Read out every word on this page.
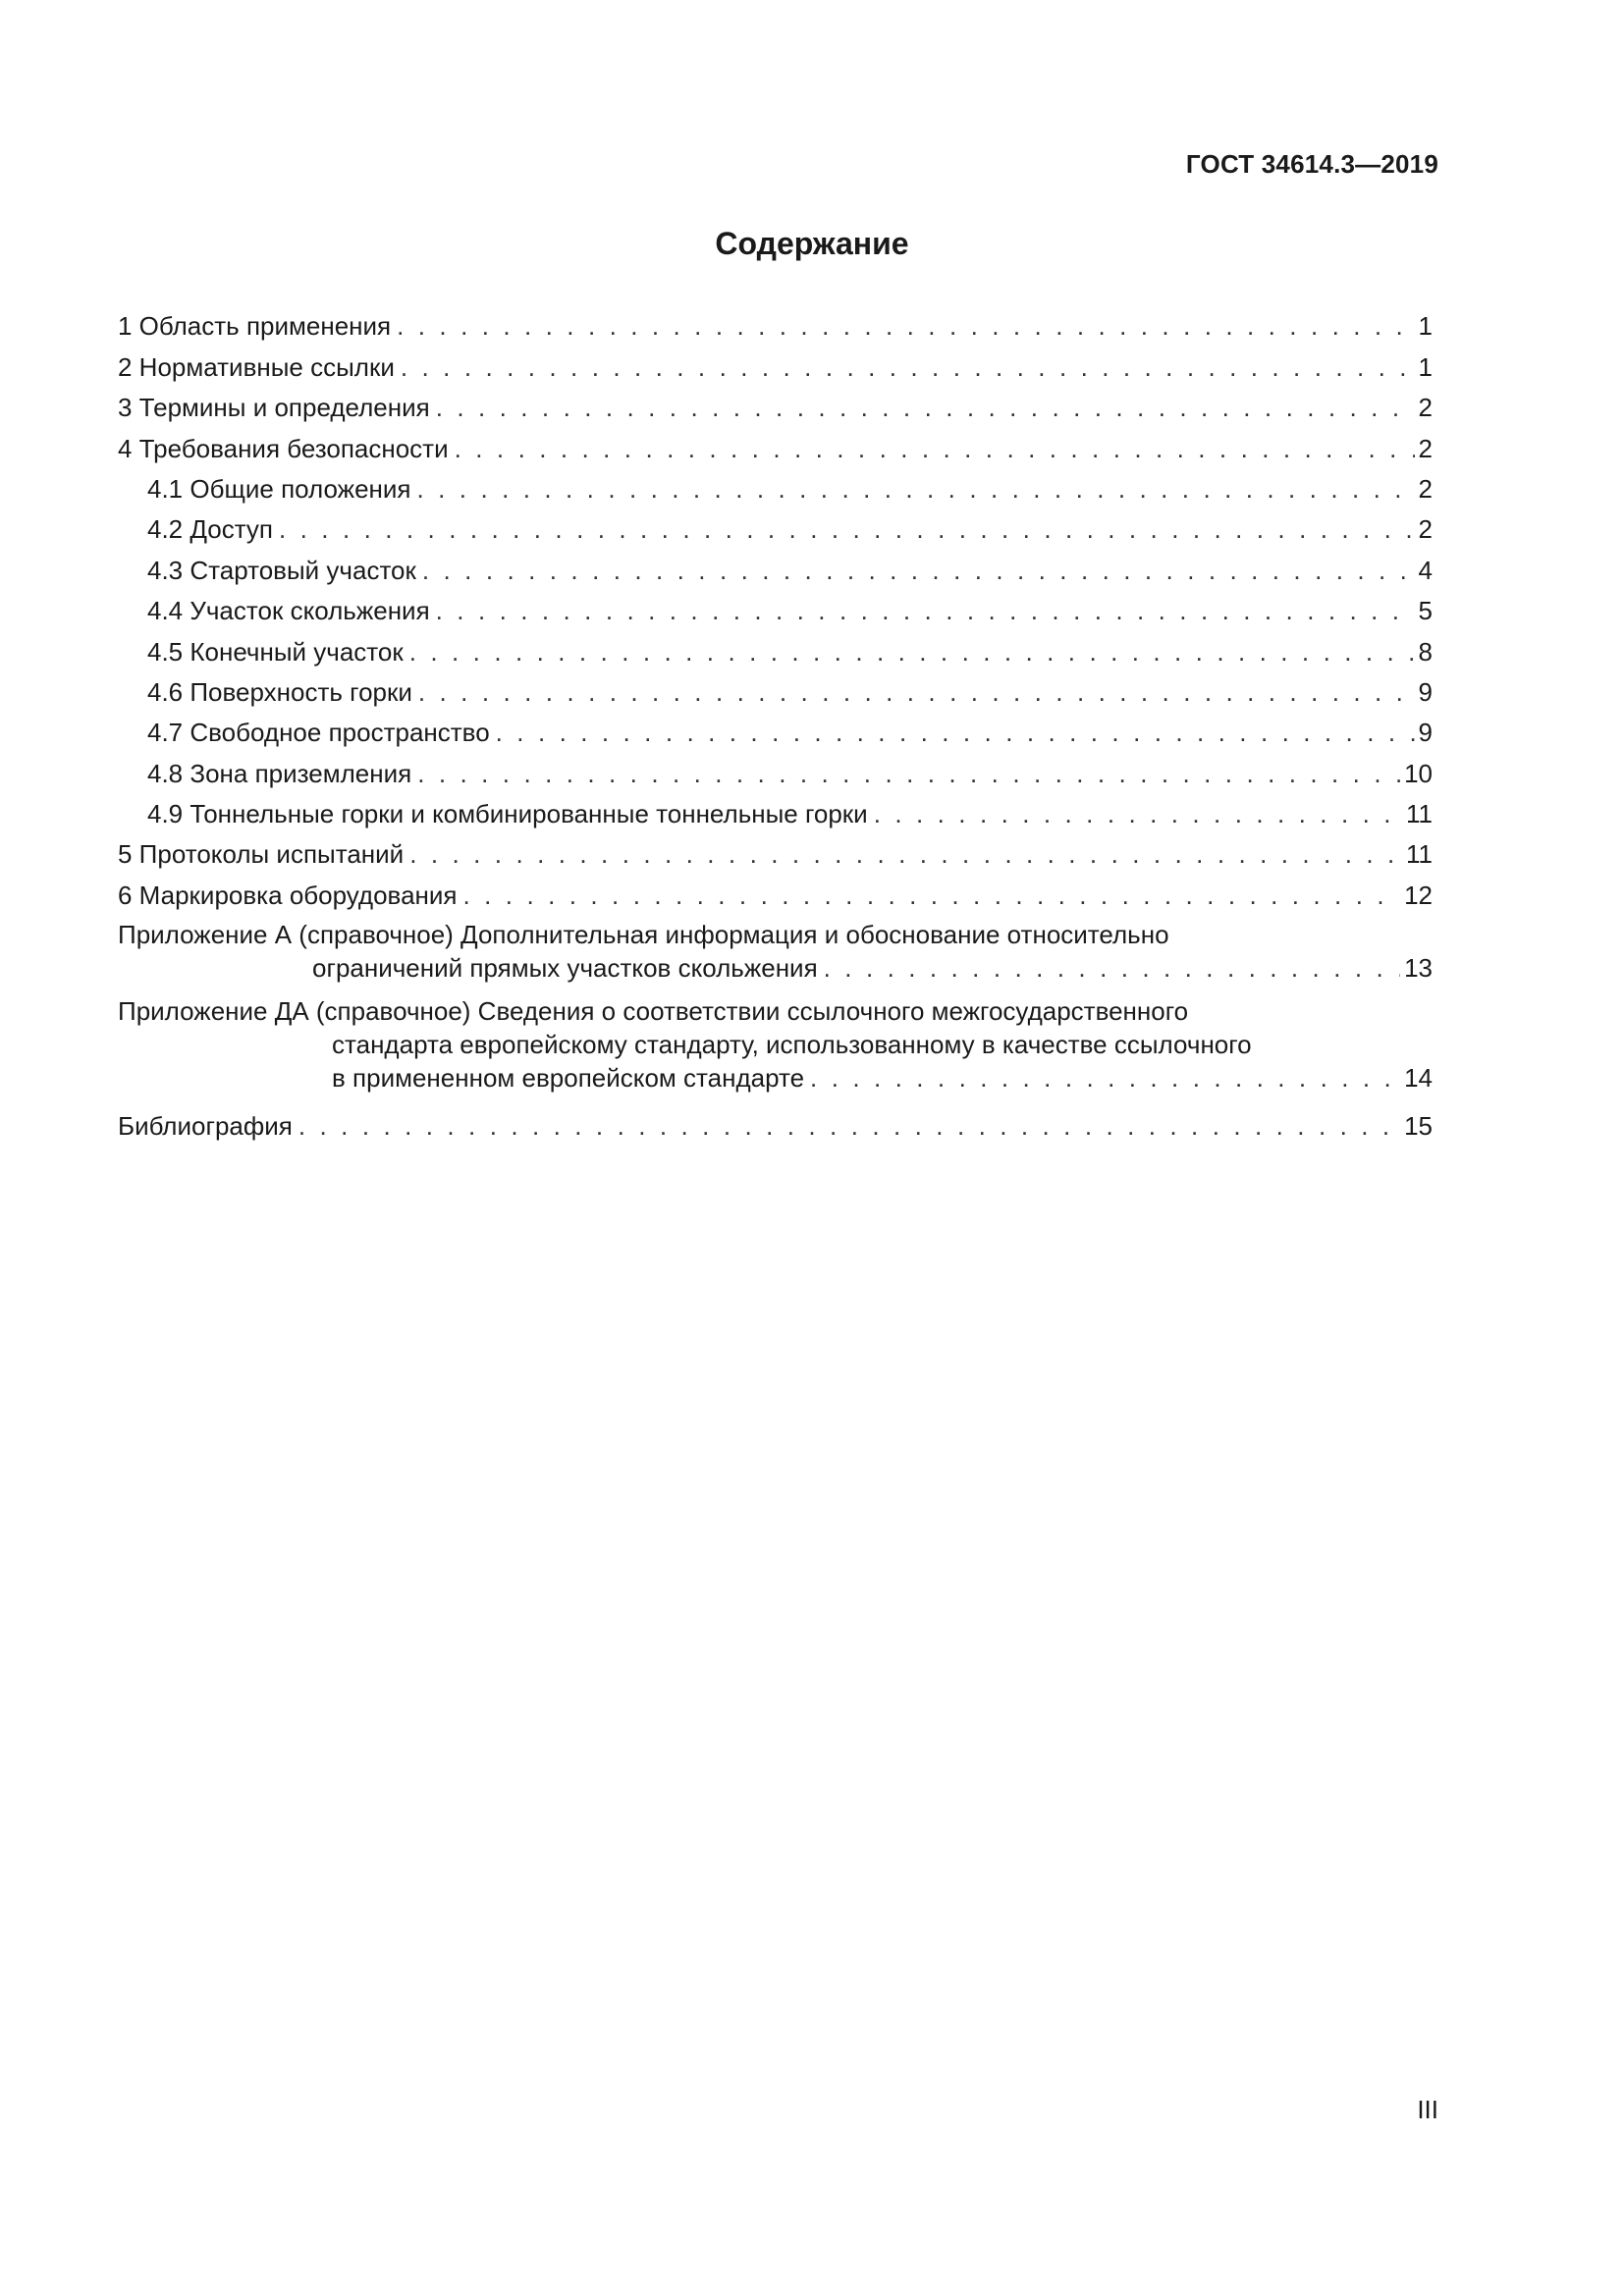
ГОСТ 34614.3—2019
Содержание
1 Область применения . . .	1
2 Нормативные ссылки . . .	1
3 Термины и определения . . .	2
4 Требования безопасности . . .	2
4.1 Общие положения . . .	2
4.2 Доступ . . .	2
4.3 Стартовый участок . . .	4
4.4 Участок скольжения . . .	5
4.5 Конечный участок . . .	8
4.6 Поверхность горки . . .	9
4.7 Свободное пространство . . .	9
4.8 Зона приземления . . .	10
4.9 Тоннельные горки и комбинированные тоннельные горки . . .	11
5 Протоколы испытаний . . .	11
6 Маркировка оборудования . . .	12
Приложение А (справочное) Дополнительная информация и обоснование относительно
ограничений прямых участков скольжения . . .	13
Приложение ДА (справочное) Сведения о соответствии ссылочного межгосударственного
стандарта европейскому стандарту, использованному в качестве ссылочного
в примененном европейском стандарте . . .	14
Библиография . . .	15
III
